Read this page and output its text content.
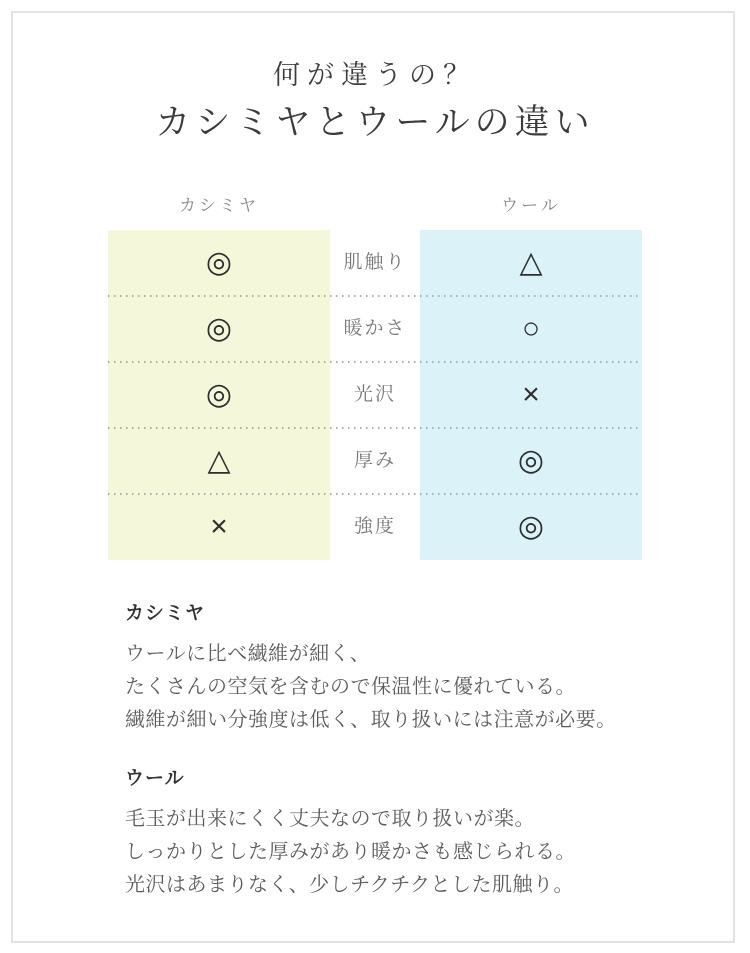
何が違うの？
カシミヤとウールの違い
カシミヤ	ウール
◎	肌触り	△
◎	暖かさ	○
◎	光沢	×
△	厚み	◎
×	強度	◎

カシミヤ

ウールに比べ繊維が細く、

たくさんの空気を含むので保温性に優れている。

繊維が細い分強度は低く、取り扱いには注意が必要。

ウール

毛玉が出来にくく丈夫なので取り扱いが楽。

しっかりとした厚みがあり暖かさも感じられる。

光沢はあまりなく、少しチクチクとした肌触り。
